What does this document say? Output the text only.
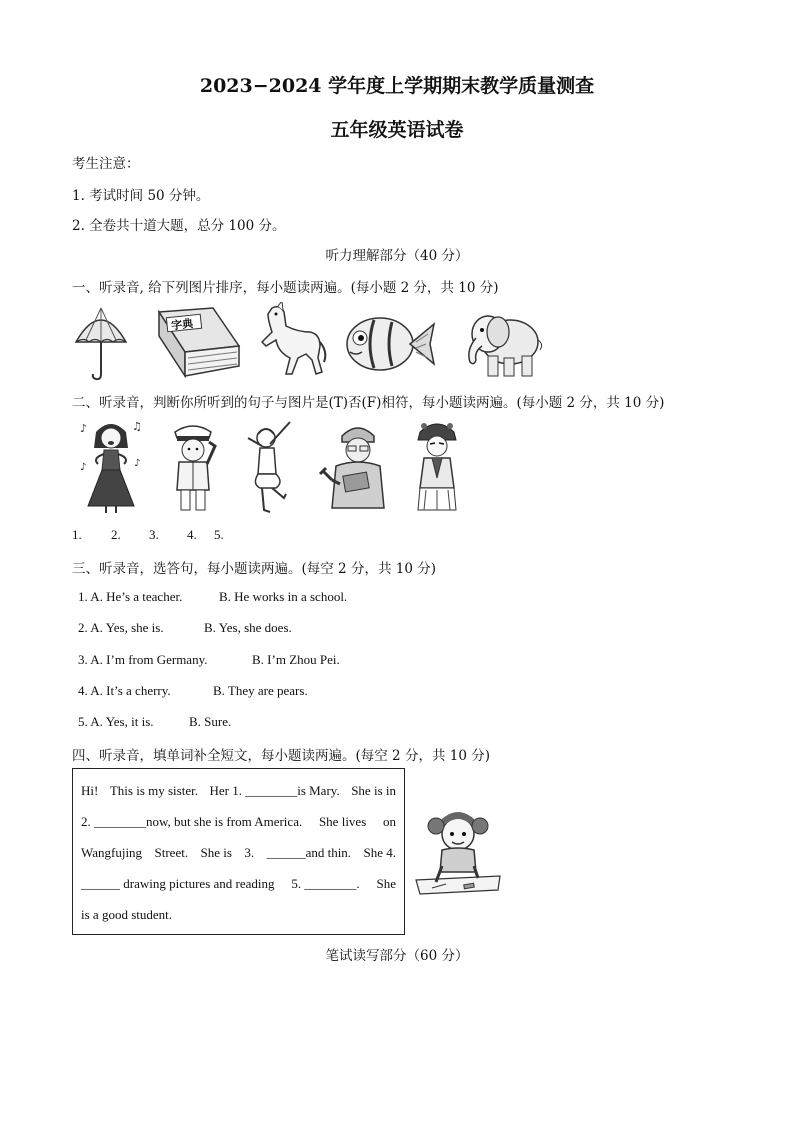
2023−2024 学年度上学期期末教学质量测查
五年级英语试卷
考生注意：
1. 考试时间 50 分钟。
2. 全卷共十道大题，总分 100 分。
听力理解部分（40 分）
一、听录音, 给下列图片排序，每小题读两遍。(每小题 2 分，共 10 分)
字典
二、听录音，判断你所听到的句子与图片是(T)否(F)相符，每小题读两遍。(每小题 2 分，共 10 分)
♪	♫
♪	♪
1. 2. 3. 4. 5.
三、听录音，选答句，每小题读两遍。(每空 2 分，共 10 分)
1. A. He’s a teacher.	B. He works in a school.
2. A. Yes, she is.	B. Yes, she does.
3. A. I’m from Germany.	B. I’m Zhou Pei.
4. A. It’s a cherry.	B. They are pears.
5. A. Yes, it is.	B. Sure.
四、听录音，填单词补全短文，每小题读两遍。(每空 2 分，共 10 分)
Hi! This is my sister. Her 1. ________is Mary. She is in
2. ________now, but she is from America. She lives on
Wangfujing Street. She is 3. ______and thin. She 4.
______ drawing pictures and reading 5. ________. She
is a good student.
笔试读写部分（60 分）
